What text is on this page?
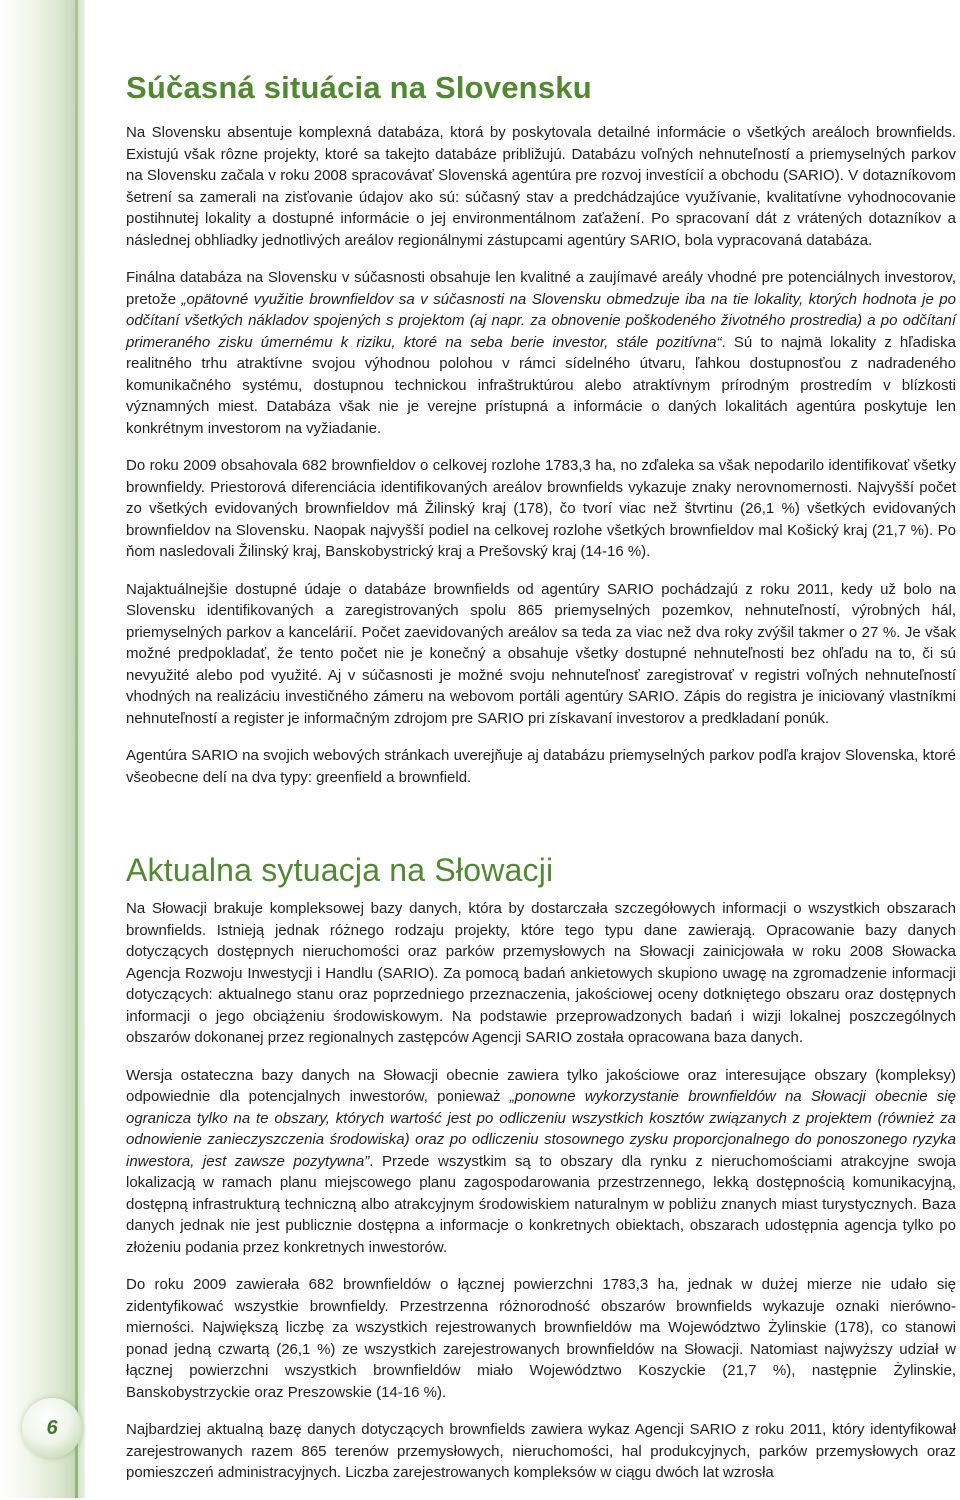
6
Súčasná situácia na Slovensku

Na Slovensku absentuje komplexná databáza, ktorá by poskytovala detailné informácie o všetkých areáloch brownfields. Existujú však rôzne projekty, ktoré sa takejto databáze približujú. Databázu voľných nehnuteľností a priemyselných parkov na Slovensku začala v roku 2008 spracovávať Slovenská agentúra pre rozvoj investícií a obchodu (SARIO). V dotazníkovom šetrení sa zamerali na zisťovanie údajov ako sú: súčasný stav a predchádzajúce využívanie, kvalitatívne vyhodnocovanie postihnutej lokality a dostupné informácie o jej environmentálnom zaťažení. Po spracovaní dát z vrátených dotazníkov a následnej obhliadky jednotlivých areálov regionálnymi zástupcami agentúry SARIO, bola vypracovaná databáza.

Finálna databáza na Slovensku v súčasnosti obsahuje len kvalitné a zaujímavé areály vhodné pre potenciálnych investorov, pretože „opätovné využitie brownfieldov sa v súčasnosti na Slovensku obmedzuje iba na tie lokality, ktorých hodnota je po odčítaní všetkých nákladov spojených s projektom (aj napr. za obnovenie poškodeného životného prostredia) a po odčítaní primeraného zisku úmernému k riziku, ktoré na seba berie investor, stále pozitívna“. Sú to najmä lokality z hľadiska realitného trhu atraktívne svojou výhodnou polohou v rámci sídelného útvaru, ľahkou dostupnosťou z nadradeného komunikačného systému, dostupnou technickou infraštruktúrou alebo atraktívnym prírodným prostredím v blízkosti významných miest. Databáza však nie je verejne prístupná a informácie o daných lokalitách agentúra poskytuje len konkrétnym investorom na vyžiadanie.

Do roku 2009 obsahovala 682 brownfieldov o celkovej rozlohe 1783,3 ha, no zďaleka sa však nepodarilo identifikovať všetky brownfieldy. Priestorová diferenciácia identifikovaných areálov brownfields vykazuje znaky nerovnomernosti. Najvyšší počet zo všetkých evidovaných brownfieldov má Žilinský kraj (178), čo tvorí viac než štvrtinu (26,1 %) všetkých evidovaných brownfieldov na Slovensku. Naopak najvyšší podiel na celkovej rozlohe všetkých brownfieldov mal Košický kraj (21,7 %). Po ňom nasledovali Žilinský kraj, Banskobystrický kraj a Prešovský kraj (14-16 %).

Najaktuálnejšie dostupné údaje o databáze brownfields od agentúry SARIO pochádzajú z roku 2011, kedy už bolo na Slovensku identifikovaných a zaregistrovaných spolu 865 priemyselných pozemkov, nehnuteľností, výrobných hál, priemyselných parkov a kancelárií. Počet zaevidovaných areálov sa teda za viac než dva roky zvýšil takmer o 27 %. Je však možné predpokladať, že tento počet nie je konečný a obsahuje všetky dostupné nehnuteľnosti bez ohľadu na to, či sú nevyužité alebo pod využité. Aj v súčasnosti je možné svoju nehnuteľnosť zaregistrovať v registri voľných nehnuteľností vhodných na realizáciu investičného zámeru na webovom portáli agentúry SARIO. Zápis do registra je iniciovaný vlastníkmi nehnuteľností a register je informačným zdrojom pre SARIO pri získavaní investorov a predkladaní ponúk.

Agentúra SARIO na svojich webových stránkach uverejňuje aj databázu priemyselných parkov podľa krajov Slovenska, ktoré všeobecne delí na dva typy: greenfield a brownfield.

Aktualna sytuacja na Słowacji

Na Słowacji brakuje kompleksowej bazy danych, która by dostarczała szczegółowych informacji o wszystkich obszarach brownfields. Istnieją jednak różnego rodzaju projekty, które tego typu dane zawierają. Opracowanie bazy danych dotyczących dostępnych nieruchomości oraz parków przemysłowych na Słowacji zainicjowała w roku 2008 Słowacka Agencja Rozwoju Inwestycji i Handlu (SARIO). Za pomocą badań ankietowych skupiono uwagę na zgromadzenie informacji dotyczących: aktualnego stanu oraz poprzedniego przeznaczenia, jakościowej oceny dotkniętego obszaru oraz dostępnych informacji o jego obciążeniu środowiskowym. Na podstawie przeprowadzonych badań i wizji lokalnej poszczególnych obszarów dokonanej przez regionalnych zastępców Agencji SARIO została opracowana baza danych.

Wersja ostateczna bazy danych na Słowacji obecnie zawiera tylko jakościowe oraz interesujące obszary (kompleksy) odpowiednie dla potencjalnych inwestorów, ponieważ „ponowne wykorzystanie brownfieldów na Słowacji obecnie się ogranicza tylko na te obszary, których wartość jest po odliczeniu wszystkich kosztów związanych z projektem (również za odnowienie zanieczyszczenia środowiska) oraz po odliczeniu stosownego zysku proporcjonalnego do ponoszonego ryzyka inwestora, jest zawsze pozytywna”. Przede wszystkim są to obszary dla rynku z nieruchomościami atrakcyjne swoja lokalizacją w ramach planu miejscowego planu zagospodarowania przestrzennego, lekką dostępnością komunikacyjną, dostępną infrastrukturą techniczną albo atrakcyjnym środowiskiem naturalnym w pobliżu znanych miast turystycznych. Baza danych jednak nie jest publicznie dostępna a informacje o konkretnych obiektach, obszarach udostępnia agencja tylko po złożeniu podania przez konkretnych inwestorów.

Do roku 2009 zawierała 682 brownfieldów o łącznej powierzchni 1783,3 ha, jednak w dużej mierze nie udało się zidentyfikować wszystkie brownfieldy. Przestrzenna różnorodność obszarów brownfields wykazuje oznaki nierówno-mierności. Największą liczbę za wszystkich rejestrowanych brownfieldów ma Województwo Żylinskie (178), co stanowi ponad jedną czwartą (26,1 %) ze wszystkich zarejestrowanych brownfieldów na Słowacji. Natomiast najwyższy udział w łącznej powierzchni wszystkich brownfieldów miało Województwo Koszyckie (21,7 %), następnie Żylinskie, Banskobystrzyckie oraz Preszowskie (14-16 %).

Najbardziej aktualną bazę danych dotyczących brownfields zawiera wykaz Agencji SARIO z roku 2011, który identyfikował zarejestrowanych razem 865 terenów przemysłowych, nieruchomości, hal produkcyjnych, parków przemysłowych oraz pomieszczeń administracyjnych. Liczba zarejestrowanych kompleksów w ciągu dwóch lat wzrosła
